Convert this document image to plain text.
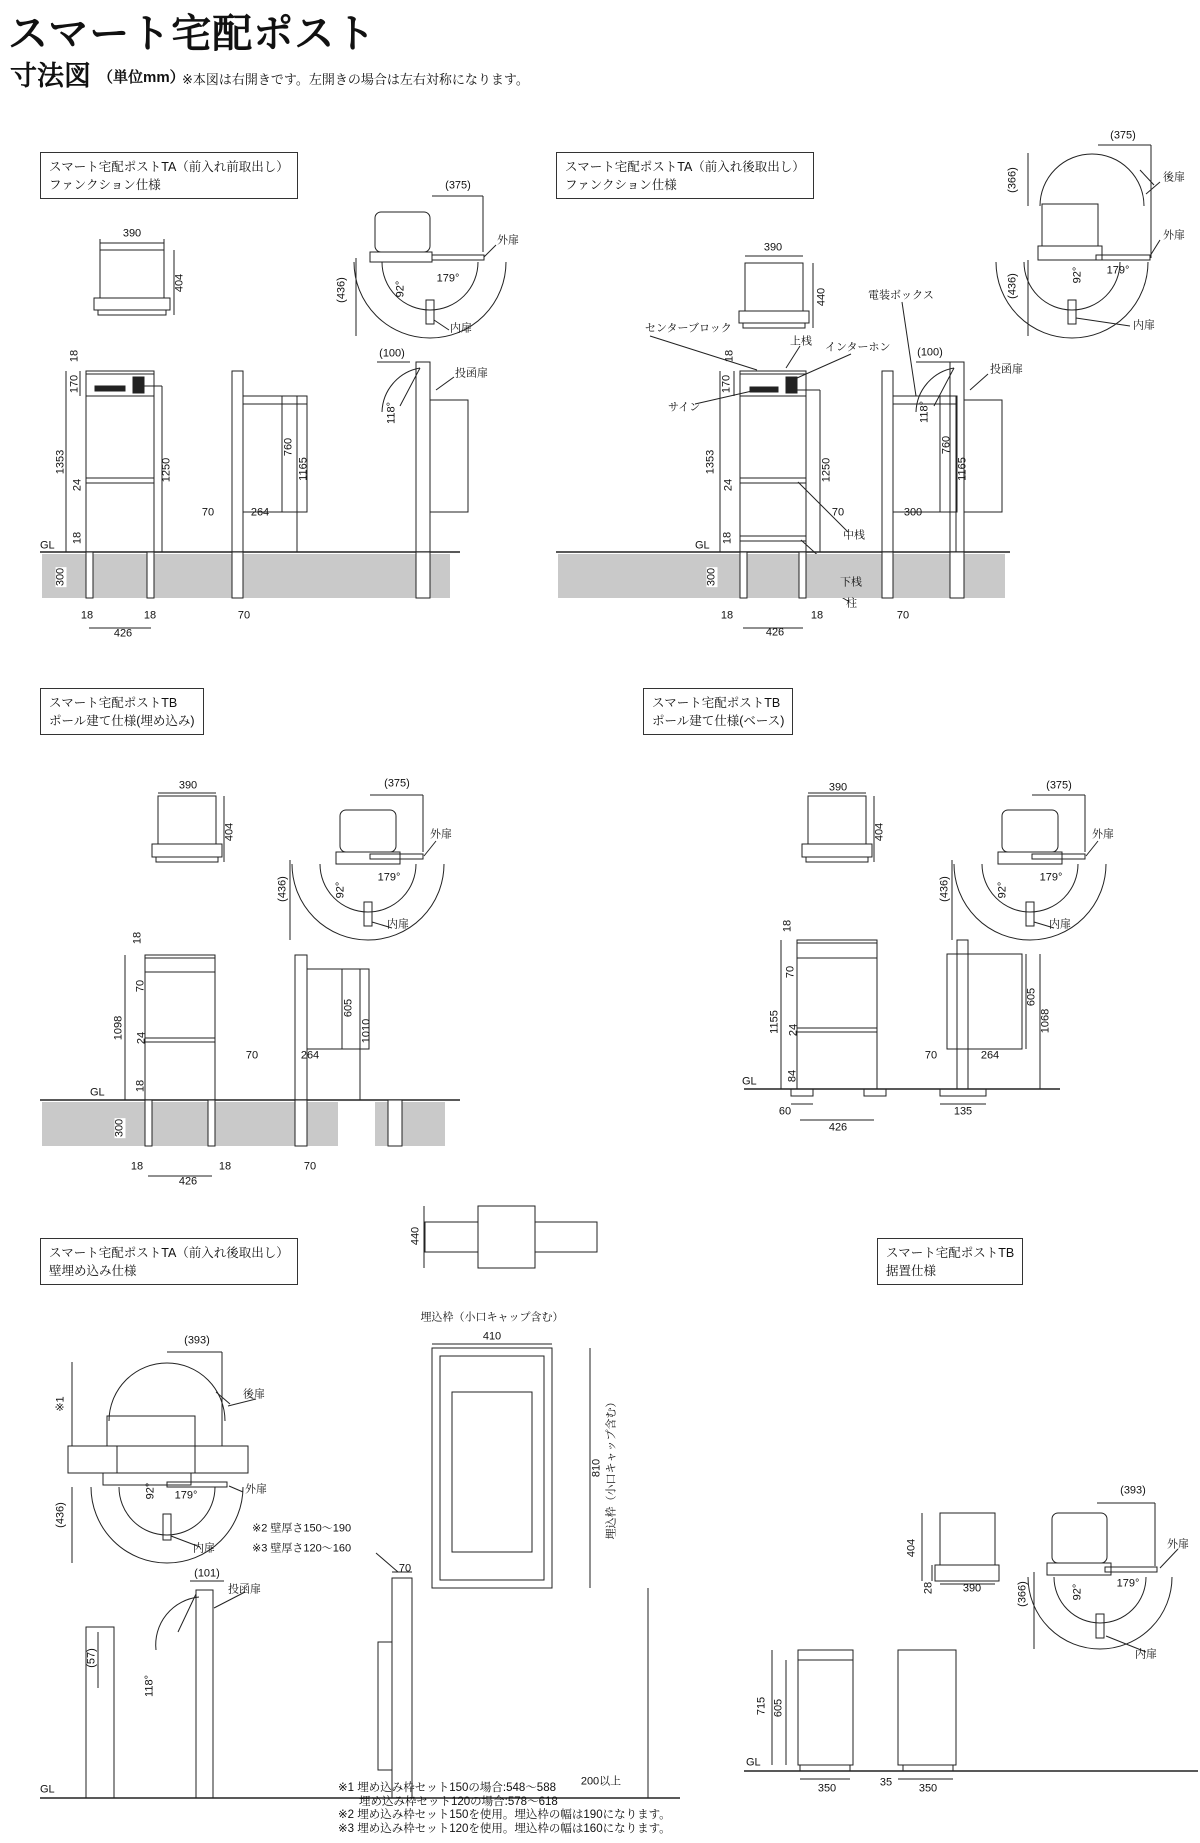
スマート宅配ポスト
寸法図 （単位mm）
※本図は右開きです。左開きの場合は左右対称になります。
スマート宅配ポストTA（前入れ前取出し）
ファンクション仕様
スマート宅配ポストTA（前入れ後取出し）
ファンクション仕様
スマート宅配ポストTB
ポール建て仕様(埋め込み)
スマート宅配ポストTB
ポール建て仕様(ベース)
スマート宅配ポストTA（前入れ後取出し）
壁埋め込み仕様
スマート宅配ポストTB
据置仕様
390
404
18
170
1353
24
1250
18
GL
300
18
426
18	70
70	264
760
1165
(375)
外扉
(436)	92°
179°
内扉
(100)
投函扉
118°
390
440
センターブロック
上桟 インターホン
サイン
18
170
1353
24
1250
18
GL
300
中桟
下桟
柱
18
426
18	70
70	300
760
1165
電装ボックス
(375)
(366)	後扉
外扉
(436)	92° 179°
内扉
(100)
投函扉
118°
390
404
(375)
外扉
(436)	92°
179°
内扉
18
70
1098 24
18
GL
300
18
426
18	70
70	264
605
1010
390
404
(375)
外扉
(436)	92°
179°
内扉
18
70
1155 24
84
GL
60
426
135
70	264
605
1068
(393)
※1
後扉
外扉
(436)
92° 179°
内扉
※2 壁厚さ150～190
※3 壁厚さ120～160
70
(101)
投函扉
(57)
118°
GL
440
埋込枠（小口キャップ含む）
410
810 埋込枠（小口キャップ含む）
200以上
404
28	390
(393)
外扉
(366)	92°
179°
内扉
715 605
GL
350	35 350
※1 埋め込み枠セット150の場合:548～588
埋め込み枠セット120の場合:578～618
※2 埋め込み枠セット150を使用。埋込枠の幅は190になります。
※3 埋め込み枠セット120を使用。埋込枠の幅は160になります。
